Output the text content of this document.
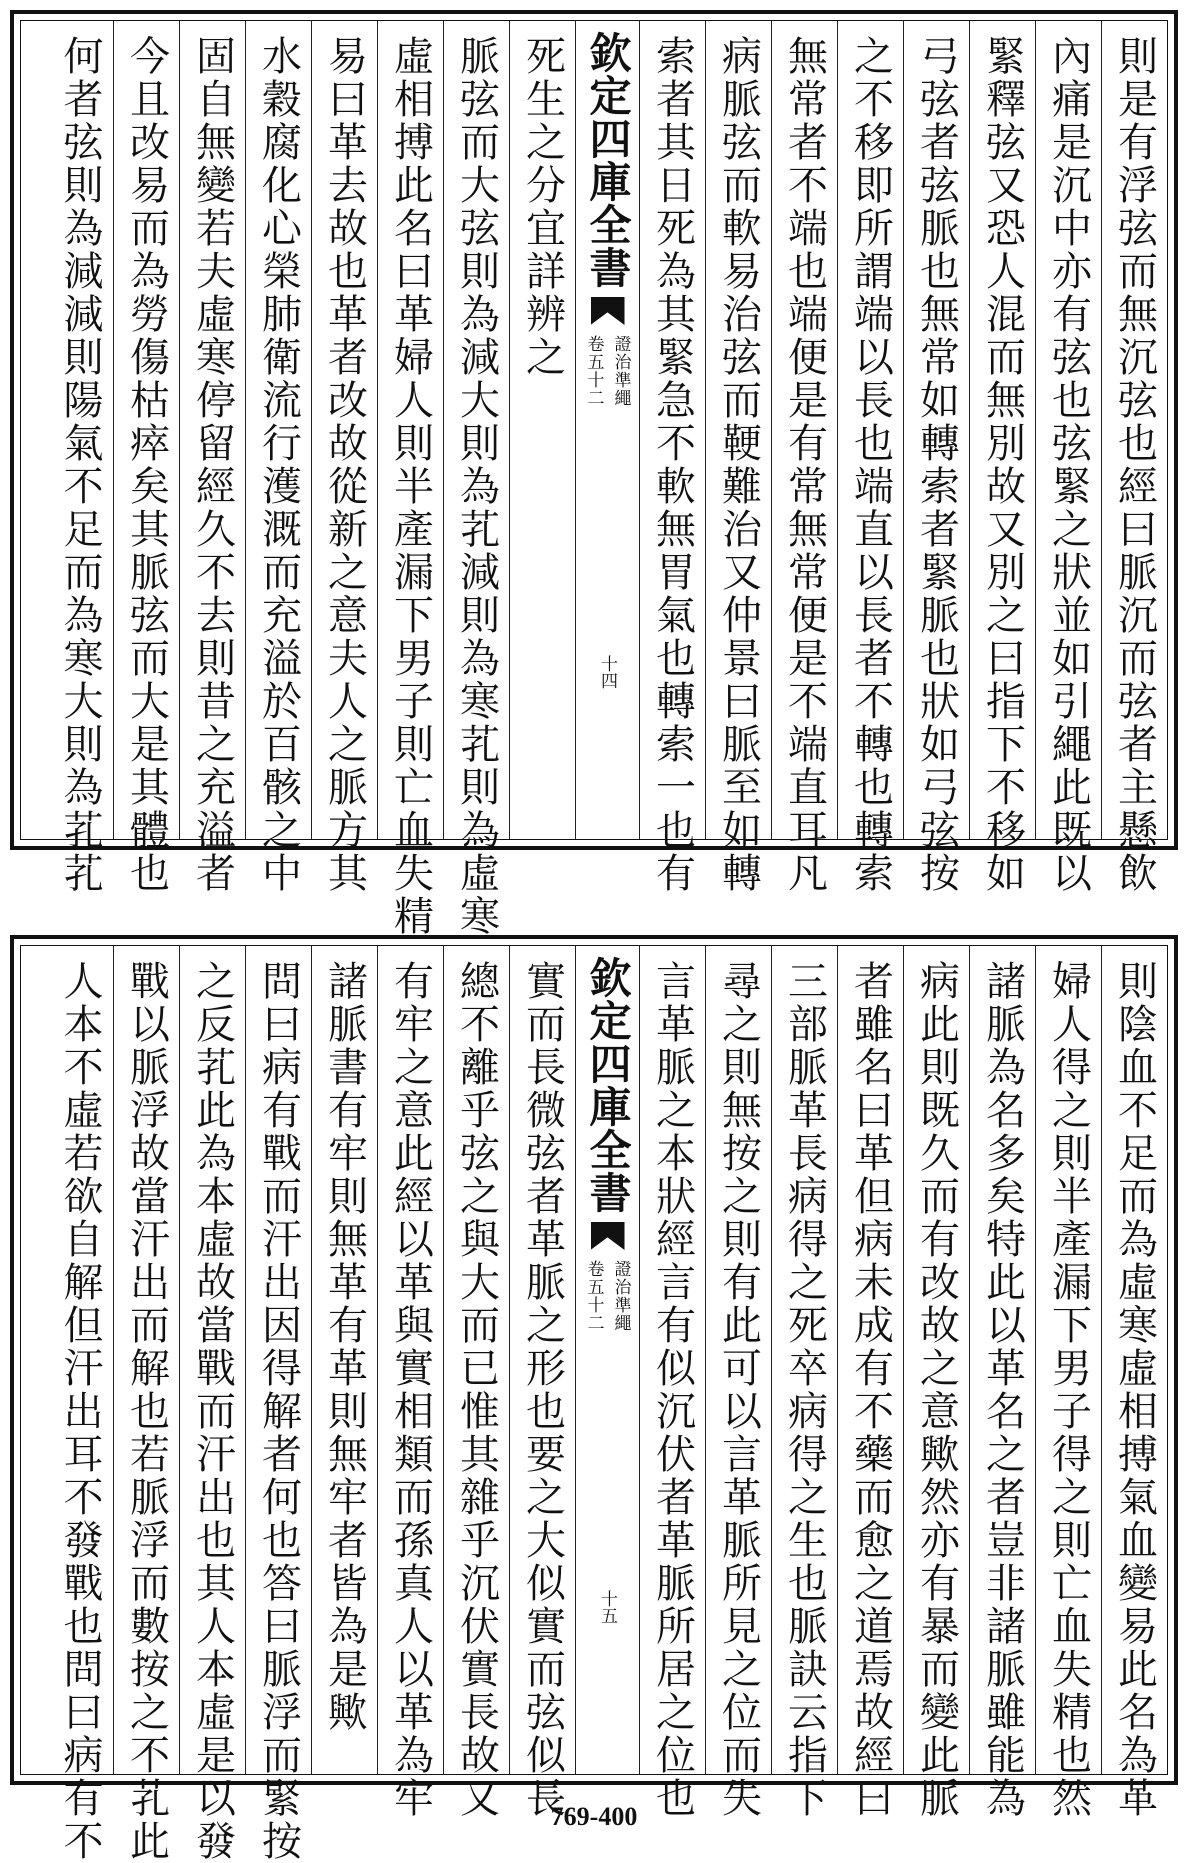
則是有浮弦而無沉弦也經曰脈沉而弦者主懸飲
內痛是沉中亦有弦也弦緊之狀並如引繩此既以
緊釋弦又恐人混而無別故又別之曰指下不移如
弓弦者弦脈也無常如轉索者緊脈也狀如弓弦按
之不移即所謂端以長也端直以長者不轉也轉索
無常者不端也端便是有常無常便是不端直耳凡
病脈弦而軟易治弦而鞕難治又仲景曰脈至如轉
索者其日死為其緊急不軟無胃氣也轉索一也有
欽定四庫全書
證治準繩
卷五十二
十四
死生之分宜詳辨之
脈弦而大弦則為減大則為芤減則為寒芤則為虛寒
虛相搏此名曰革婦人則半產漏下男子則亡血失精
易曰革去故也革者改故從新之意夫人之脈方其
水穀腐化心榮肺衛流行濩溉而充溢於百骸之中
固自無變若夫虛寒停留經久不去則昔之充溢者
今且改易而為勞傷枯瘁矣其脈弦而大是其體也
何者弦則為減減則陽氣不足而為寒大則為芤芤
則陰血不足而為虛寒虛相搏氣血變易此名為革
婦人得之則半產漏下男子得之則亡血失精也然
諸脈為名多矣特此以革名之者豈非諸脈雖能為
病此則既久而有改故之意歟然亦有暴而變此脈
者雖名曰革但病未成有不藥而愈之道焉故經曰
三部脈革長病得之死卒病得之生也脈訣云指下
尋之則無按之則有此可以言革脈所見之位而失
言革脈之本狀經言有似沉伏者革脈所居之位也
欽定四庫全書
證治準繩
卷五十二
十五
實而長微弦者革脈之形也要之大似實而弦似長
總不離乎弦之與大而已惟其雜乎沉伏實長故又
有牢之意此經以革與實相類而孫真人以革為牢
諸脈書有牢則無革有革則無牢者皆為是歟
問曰病有戰而汗出因得解者何也答曰脈浮而緊按
之反芤此為本虛故當戰而汗出也其人本虛是以發
戰以脈浮故當汗出而解也若脈浮而數按之不芤此
人本不虛若欲自解但汗出耳不發戰也問曰病有不	769-400
